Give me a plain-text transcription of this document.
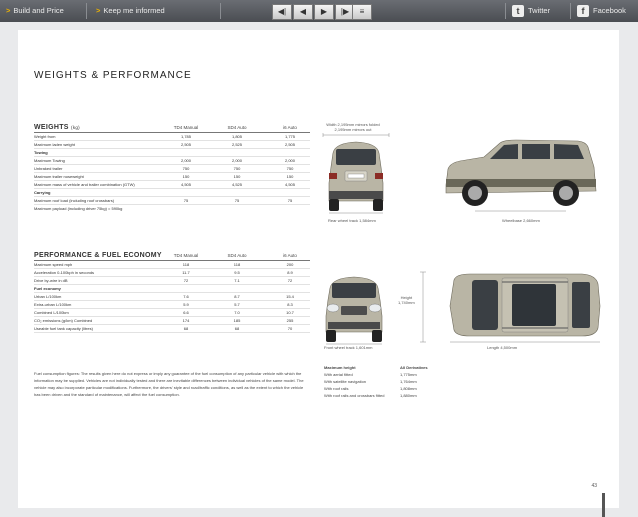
> Build and Price	> Keep me informed	◀|	◀	▶	|▶	≡	t Twitter	f Facebook
WEIGHTS & PERFORMANCE
WEIGHTS (kg)	TD4 Manual	SD4 Auto	i6 Auto
Weight from	1,785	1,805	1,775
Maximum laden weight	2,505	2,525	2,505
Towing
Maximum Towing	2,000	2,000	2,000
Unbraked trailer	750	750	750
Maximum trailer noseweight	150	150	150
Maximum mass of vehicle and trailer combination (GTW)	4,505	4,525	4,505
Carrying
Maximum roof load (including roof crossbars)	75	75	75
Maximum payload (including driver 75kg) = 590kg
PERFORMANCE & FUEL ECONOMY	TD4 Manual	SD4 Auto	i6 Auto
Maximum speed mph	118	118	200
Acceleration 0-100kph in seconds	11.7	9.5	8.9
Drive by-wire in dB	72	7.1	72
Fuel economy
Urban L/100km	7.6	8.7	15.4
Extra-urban L/100km	5.9	5.7	8.3
Combined L/100km	6.6	7.0	10.7
CO₂ emissions (g/km) Combined	174	185	255
Useable fuel tank capacity (litres)	68	68	70
Width 2,195mm mirrors folded
2,195mm mirrors out
Rear wheel track 1,584mm	Wheelbase 2,660mm
Height
1,740mm
Front wheel track 1,601mm	Length 4,500mm
Fuel consumption figures: The results given here do not express or imply any guarantee of the fuel consumption of any particular vehicle with which the information may be supplied. Vehicles are not individually tested and there are inevitable differences between individual vehicles of the same model. The vehicle may also incorporate particular modifications. Furthermore, the drivers' style and road/traffic conditions, as well as the extent to which the vehicle has been driven and the standard of maintenance, will affect the fuel consumption.
Maximum height	All Derivatives
With aerial fitted	1,775mm
With satellite navigation	1,764mm
With roof rails	1,808mm
With roof rails and crossbars fitted	1,880mm
43
